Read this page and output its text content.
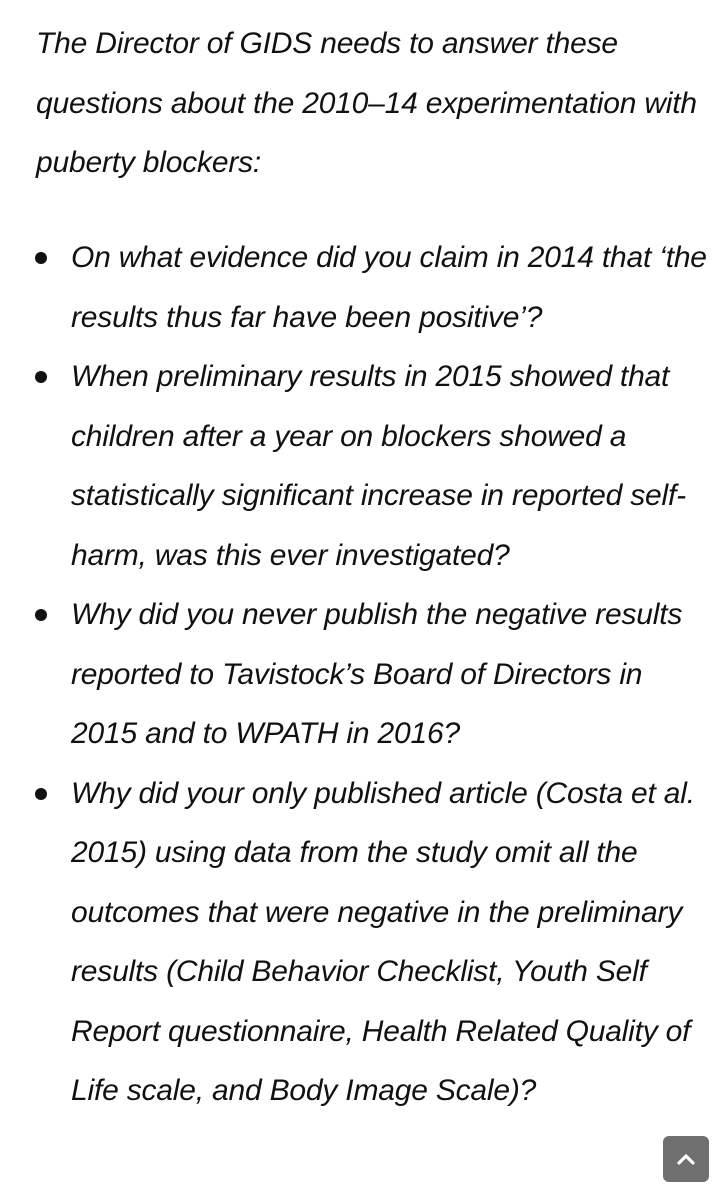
The Director of GIDS needs to answer these questions about the 2010–14 experimentation with puberty blockers:

On what evidence did you claim in 2014 that ‘the results thus far have been positive’?
When preliminary results in 2015 showed that children after a year on blockers showed a statistically significant increase in reported self-harm, was this ever investigated?
Why did you never publish the negative results reported to Tavistock’s Board of Directors in 2015 and to WPATH in 2016?
Why did your only published article (Costa et al. 2015) using data from the study omit all the outcomes that were negative in the preliminary results (Child Behavior Checklist, Youth Self Report questionnaire, Health Related Quality of Life scale, and Body Image Scale)?
